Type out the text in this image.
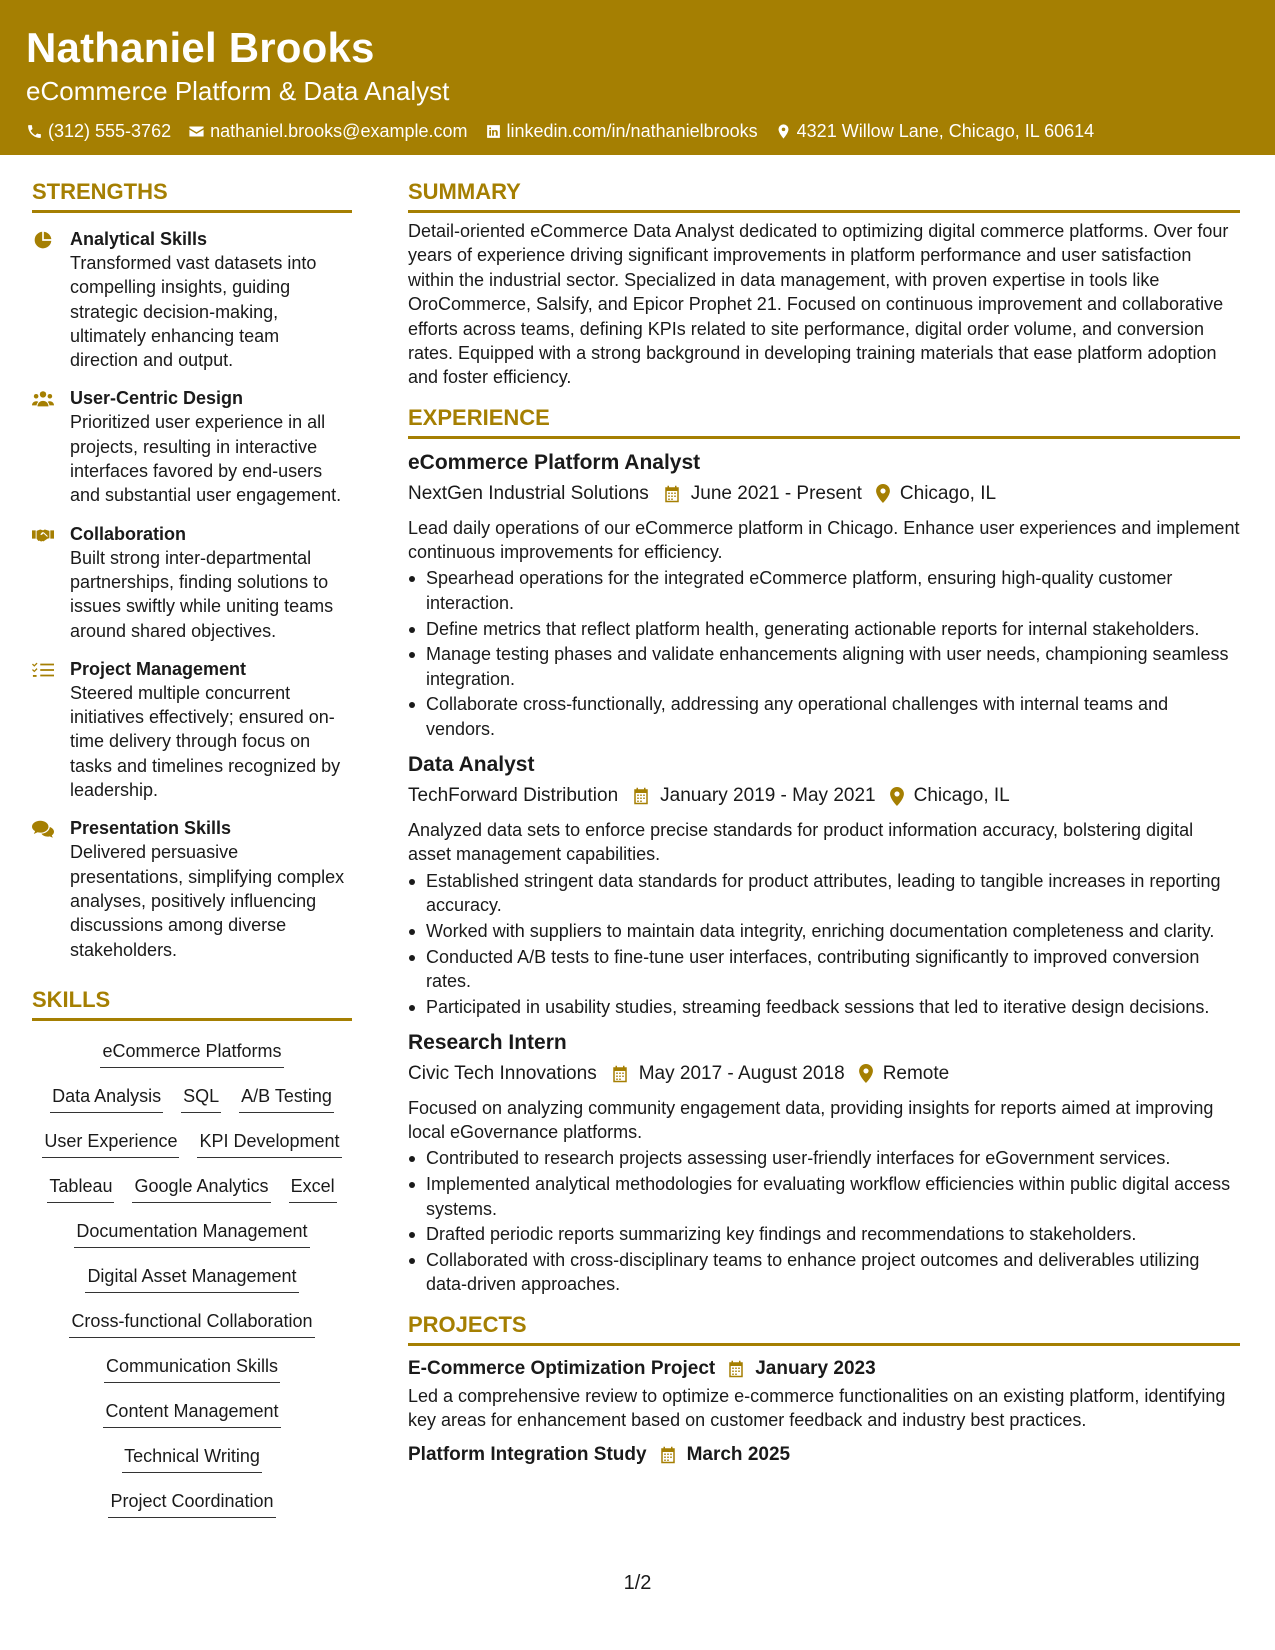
Nathaniel Brooks
eCommerce Platform & Data Analyst
(312) 555-3762 nathaniel.brooks@example.com linkedin.com/in/nathanielbrooks 4321 Willow Lane, Chicago, IL 60614
STRENGTHS
Analytical Skills
Transformed vast datasets into compelling insights, guiding strategic decision-making, ultimately enhancing team direction and output.
User-Centric Design
Prioritized user experience in all projects, resulting in interactive interfaces favored by end-users and substantial user engagement.
Collaboration
Built strong inter-departmental partnerships, finding solutions to issues swiftly while uniting teams around shared objectives.
Project Management
Steered multiple concurrent initiatives effectively; ensured on-time delivery through focus on tasks and timelines recognized by leadership.
Presentation Skills
Delivered persuasive presentations, simplifying complex analyses, positively influencing discussions among diverse stakeholders.
SKILLS
eCommerce Platforms
Data Analysis SQL A/B Testing
User Experience KPI Development
Tableau Google Analytics Excel
Documentation Management
Digital Asset Management
Cross-functional Collaboration
Communication Skills
Content Management
Technical Writing
Project Coordination
SUMMARY
Detail-oriented eCommerce Data Analyst dedicated to optimizing digital commerce platforms. Over four years of experience driving significant improvements in platform performance and user satisfaction within the industrial sector. Specialized in data management, with proven expertise in tools like OroCommerce, Salsify, and Epicor Prophet 21. Focused on continuous improvement and collaborative efforts across teams, defining KPIs related to site performance, digital order volume, and conversion rates. Equipped with a strong background in developing training materials that ease platform adoption and foster efficiency.
EXPERIENCE
eCommerce Platform Analyst
NextGen Industrial Solutions June 2021 - Present Chicago, IL
Lead daily operations of our eCommerce platform in Chicago. Enhance user experiences and implement continuous improvements for efficiency.
Spearhead operations for the integrated eCommerce platform, ensuring high-quality customer interaction.
Define metrics that reflect platform health, generating actionable reports for internal stakeholders.
Manage testing phases and validate enhancements aligning with user needs, championing seamless integration.
Collaborate cross-functionally, addressing any operational challenges with internal teams and vendors.
Data Analyst
TechForward Distribution January 2019 - May 2021 Chicago, IL
Analyzed data sets to enforce precise standards for product information accuracy, bolstering digital asset management capabilities.
Established stringent data standards for product attributes, leading to tangible increases in reporting accuracy.
Worked with suppliers to maintain data integrity, enriching documentation completeness and clarity.
Conducted A/B tests to fine-tune user interfaces, contributing significantly to improved conversion rates.
Participated in usability studies, streaming feedback sessions that led to iterative design decisions.
Research Intern
Civic Tech Innovations May 2017 - August 2018 Remote
Focused on analyzing community engagement data, providing insights for reports aimed at improving local eGovernance platforms.
Contributed to research projects assessing user-friendly interfaces for eGovernment services.
Implemented analytical methodologies for evaluating workflow efficiencies within public digital access systems.
Drafted periodic reports summarizing key findings and recommendations to stakeholders.
Collaborated with cross-disciplinary teams to enhance project outcomes and deliverables utilizing data-driven approaches.
PROJECTS
E-Commerce Optimization Project January 2023
Led a comprehensive review to optimize e-commerce functionalities on an existing platform, identifying key areas for enhancement based on customer feedback and industry best practices.
Platform Integration Study March 2025
1/2
